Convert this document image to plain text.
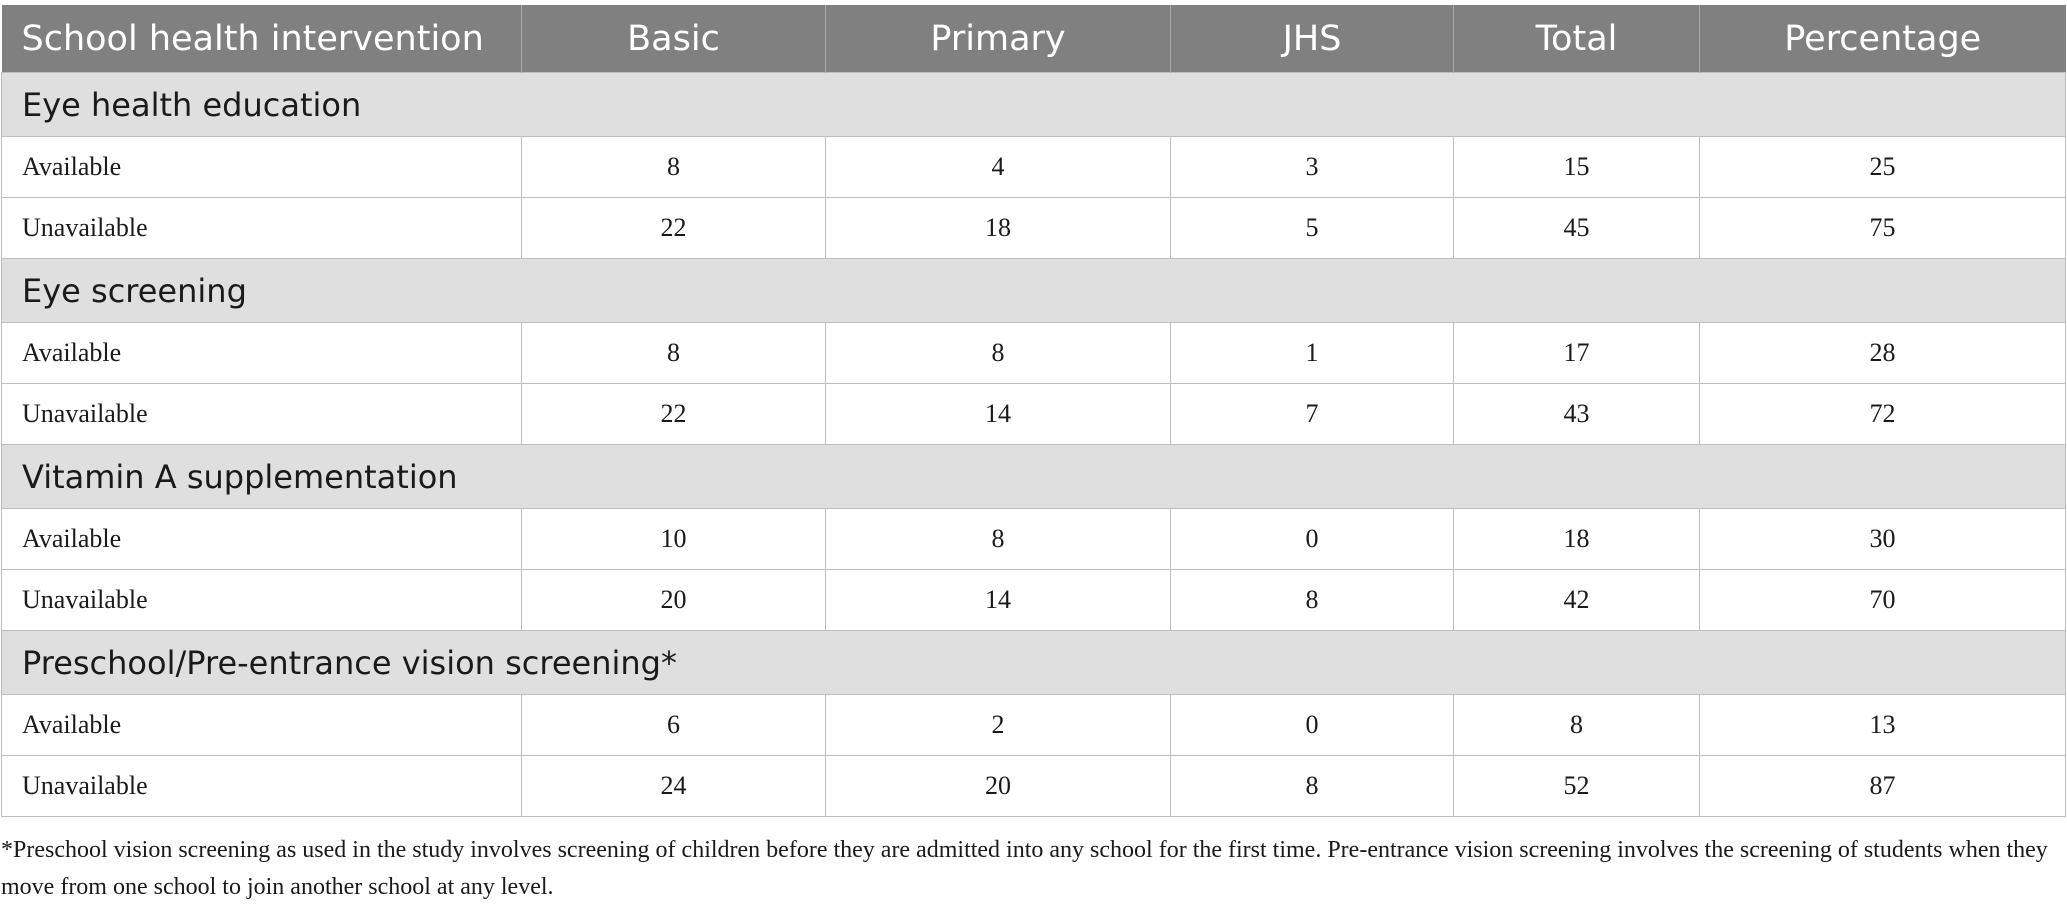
School health intervention	Basic	Primary	JHS	Total	Percentage
Eye health education					
Available	8	4	3	15	25
Unavailable	22	18	5	45	75
Eye screening					
Available	8	8	1	17	28
Unavailable	22	14	7	43	72
Vitamin A supplementation					
Available	10	8	0	18	30
Unavailable	20	14	8	42	70
Preschool/Pre-entrance vision screening*					
Available	6	2	0	8	13
Unavailable	24	20	8	52	87
*Preschool vision screening as used in the study involves screening of children before they are admitted into any school for the first time. Pre-entrance vision screening involves the screening of students when they move from one school to join another school at any level.
